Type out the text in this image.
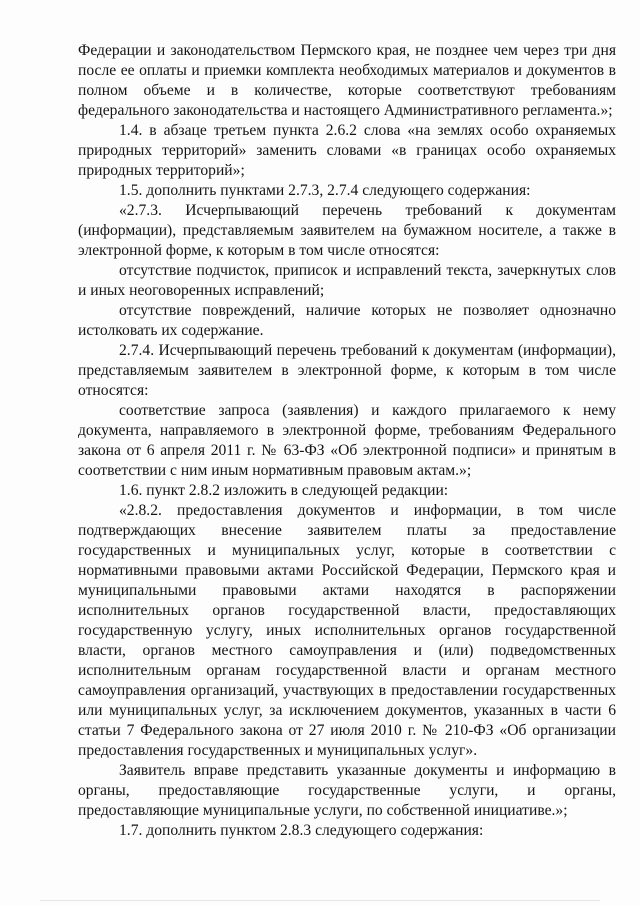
Федерации и законодательством Пермского края, не позднее чем через три дня после ее оплаты и приемки комплекта необходимых материалов и документов в полном объеме и в количестве, которые соответствуют требованиям федерального законодательства и настоящего Административного регламента.»;

1.4. в абзаце третьем пункта 2.6.2 слова «на землях особо охраняемых природных территорий» заменить словами «в границах особо охраняемых природных территорий»;

1.5. дополнить пунктами 2.7.3, 2.7.4 следующего содержания:

«2.7.3. Исчерпывающий перечень требований к документам (информации), представляемым заявителем на бумажном носителе, а также в электронной форме, к которым в том числе относятся:

отсутствие подчисток, приписок и исправлений текста, зачеркнутых слов и иных неоговоренных исправлений;

отсутствие повреждений, наличие которых не позволяет однозначно истолковать их содержание.

2.7.4. Исчерпывающий перечень требований к документам (информации), представляемым заявителем в электронной форме, к которым в том числе относятся:

соответствие запроса (заявления) и каждого прилагаемого к нему документа, направляемого в электронной форме, требованиям Федерального закона от 6 апреля 2011 г. № 63-ФЗ «Об электронной подписи» и принятым в соответствии с ним иным нормативным правовым актам.»;

1.6. пункт 2.8.2 изложить в следующей редакции:

«2.8.2. предоставления документов и информации, в том числе подтверждающих внесение заявителем платы за предоставление государственных и муниципальных услуг, которые в соответствии с нормативными правовыми актами Российской Федерации, Пермского края и муниципальными правовыми актами находятся в распоряжении исполнительных органов государственной власти, предоставляющих государственную услугу, иных исполнительных органов государственной власти, органов местного самоуправления и (или) подведомственных исполнительным органам государственной власти и органам местного самоуправления организаций, участвующих в предоставлении государственных или муниципальных услуг, за исключением документов, указанных в части 6 статьи 7 Федерального закона от 27 июля 2010 г. № 210-ФЗ «Об организации предоставления государственных и муниципальных услуг».

Заявитель вправе представить указанные документы и информацию в органы, предоставляющие государственные услуги, и органы, предоставляющие муниципальные услуги, по собственной инициативе.»;

1.7. дополнить пунктом 2.8.3 следующего содержания:
